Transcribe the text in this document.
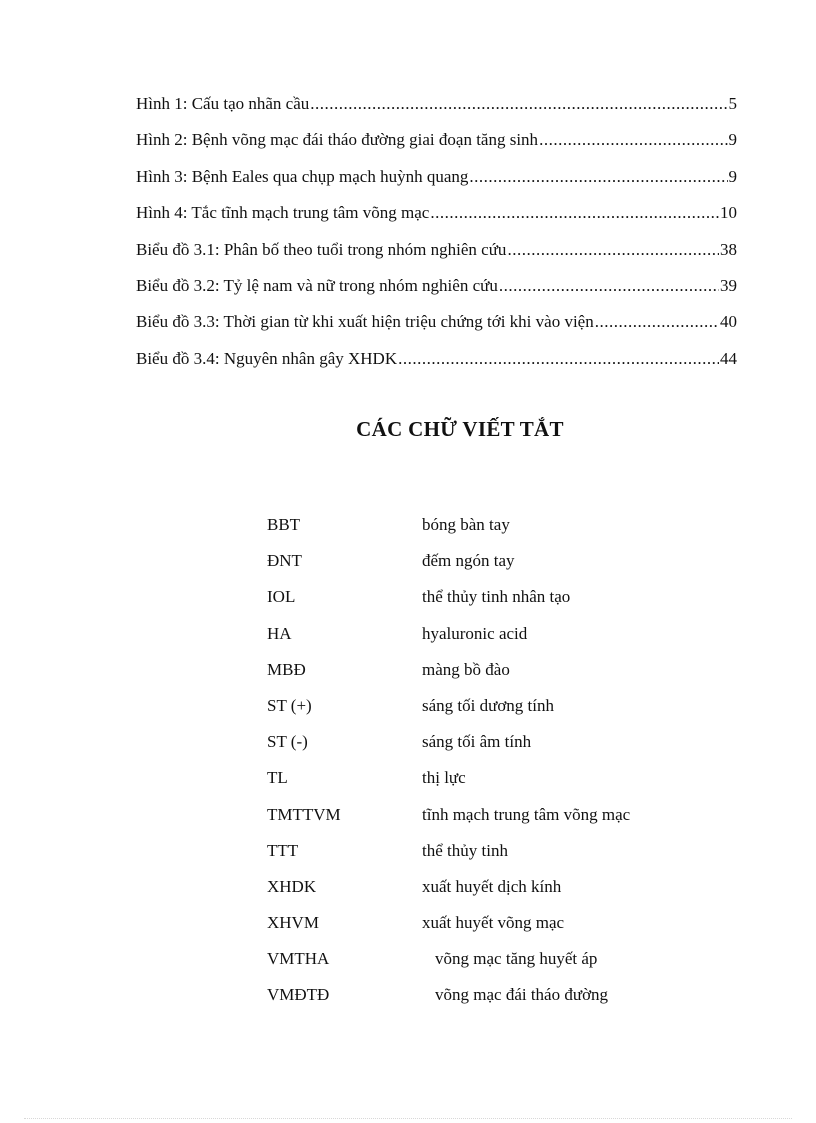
Hình 1: Cấu tạo nhãn cầu .....	5
Hình 2: Bệnh võng mạc đái tháo đường giai đoạn tăng sinh .....	9
Hình 3: Bệnh Eales qua chụp mạch huỳnh quang .....	9
Hình 4: Tắc tĩnh mạch trung tâm võng mạc .....	10
Biểu đồ 3.1: Phân bố theo tuổi trong nhóm nghiên cứu .....	38
Biểu đồ 3.2: Tỷ lệ nam và nữ trong nhóm nghiên cứu .....	39
Biểu đồ 3.3: Thời gian từ khi xuất hiện triệu chứng tới khi vào viện .....	40
Biểu đồ 3.4: Nguyên nhân gây XHDK .....	44
CÁC CHỮ VIẾT TẮT
BBT	bóng bàn tay
ĐNT	đếm ngón tay
IOL	thể thủy tinh nhân tạo
HA	hyaluronic acid
MBĐ	màng bồ đào
ST (+)	sáng tối dương tính
ST (-)	sáng tối âm tính
TL	thị lực
TMTTVM	tĩnh mạch trung tâm võng mạc
TTT	thể thủy tinh
XHDK	xuất huyết dịch kính
XHVM	xuất huyết võng mạc
VMTHA	võng mạc tăng huyết áp
VMĐTĐ	võng mạc đái tháo đường
